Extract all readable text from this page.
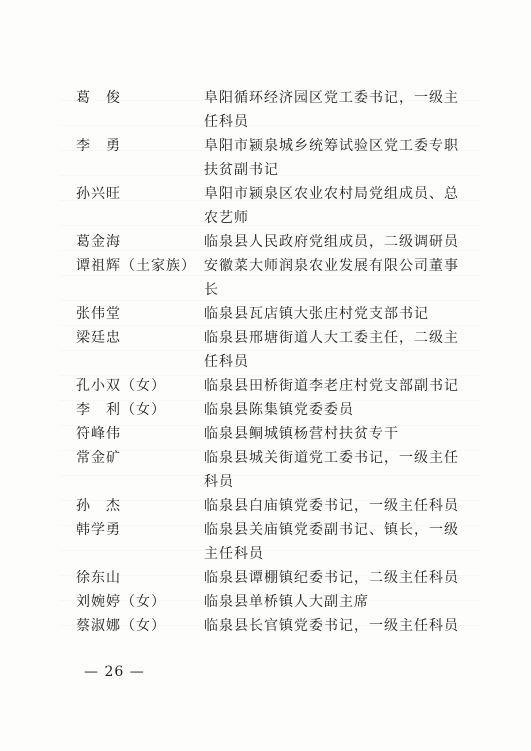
葛　俊	阜阳循环经济园区党工委书记，一级主任科员
李　勇	阜阳市颍泉城乡统筹试验区党工委专职扶贫副书记
孙兴旺	阜阳市颍泉区农业农村局党组成员、总农艺师
葛金海	临泉县人民政府党组成员，二级调研员
谭祖辉（土家族） 安徽菜大师润泉农业发展有限公司董事长
张伟堂	临泉县瓦店镇大张庄村党支部书记
梁廷忠	临泉县邢塘街道人大工委主任，二级主任科员
孔小双（女）	临泉县田桥街道李老庄村党支部副书记
李　利（女）	临泉县陈集镇党委委员
符峰伟	临泉县鲖城镇杨营村扶贫专干
常金矿	临泉县城关街道党工委书记，一级主任科员
孙　杰	临泉县白庙镇党委书记，一级主任科员
韩学勇	临泉县关庙镇党委副书记、镇长，一级主任科员
徐东山	临泉县谭棚镇纪委书记，二级主任科员
刘婉婷（女）	临泉县单桥镇人大副主席
蔡淑娜（女）	临泉县长官镇党委书记，一级主任科员
— 26 —
